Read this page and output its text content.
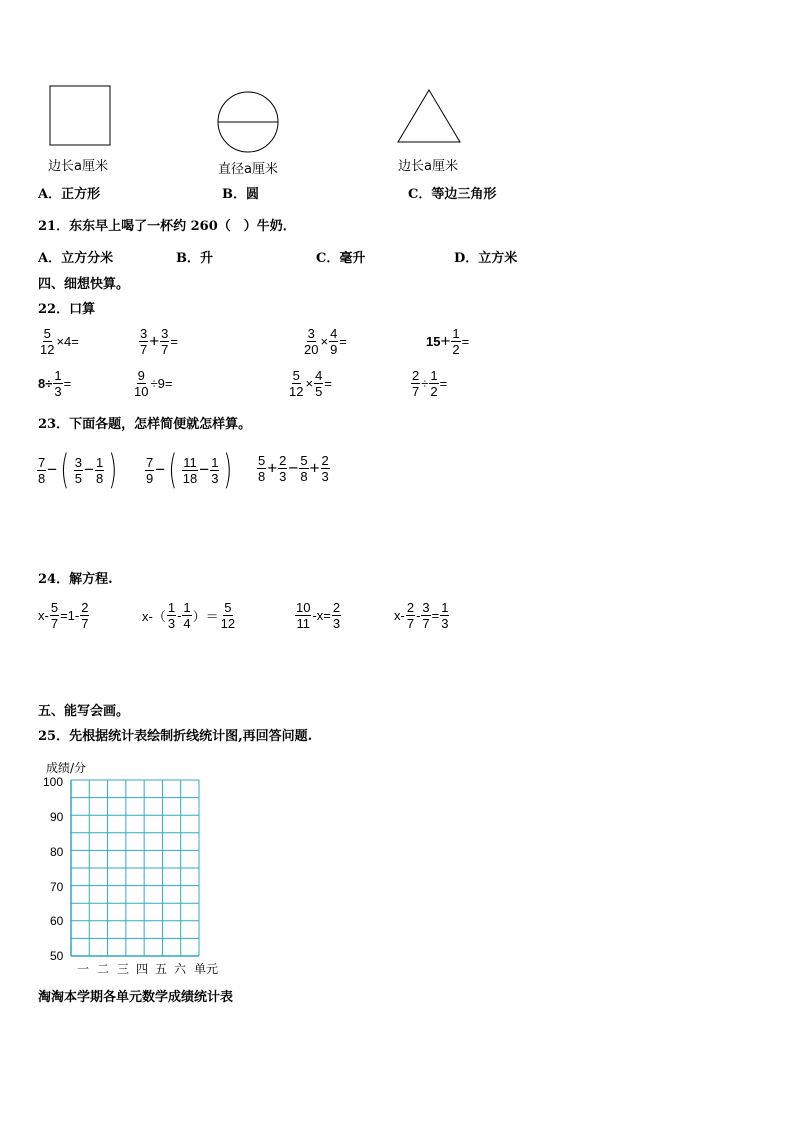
边长a厘米	直径a厘米	边长a厘米
A．正方形	B．圆	C．等边三角形
21．东东早上喝了一杯约 260（　）牛奶．
A．立方分米	B．升	C．毫升	D．立方米
四、细想快算。
22．口算
$\frac{5}{12} \times 4=$	$\frac{3}{7} + \frac{3}{7}$ =	$\frac{3}{20} \times \frac{4}{9}$ =	$15+ \frac{1}{2}$ =
$8\div \frac{1}{3}$ =	$\frac{9}{10} \div 9=$	$\frac{5}{12} \times \frac{4}{5}$ =	$\frac{2}{7} \div \frac{1}{2}$ =
23．下面各题，怎样简便就怎样算。
$\frac{7}{8}$ −( $\frac{3}{5} - \frac{1}{8}$ ) $\frac{7}{9}$ −( $\frac{11}{18} - \frac{1}{3}$ ) $\frac{5}{8} + \frac{2}{3} - \frac{5}{8} + \frac{2}{3}$
24．解方程.
$x- \frac{5}{7} =1- \frac{2}{7}$	$x-( \frac{1}{3} - \frac{1}{4}$ ）＝ $\frac{5}{12}$	$\frac{10}{11} -x= \frac{2}{3}$	$x- \frac{2}{7} - \frac{3}{7} = \frac{1}{3}$
五、能写会画。
25．先根据统计表绘制折线统计图,再回答问题.
成绩/分
100
90
80
70
60
50
一 二 三 四 五 六 单元
淘淘本学期各单元数学成绩统计表
